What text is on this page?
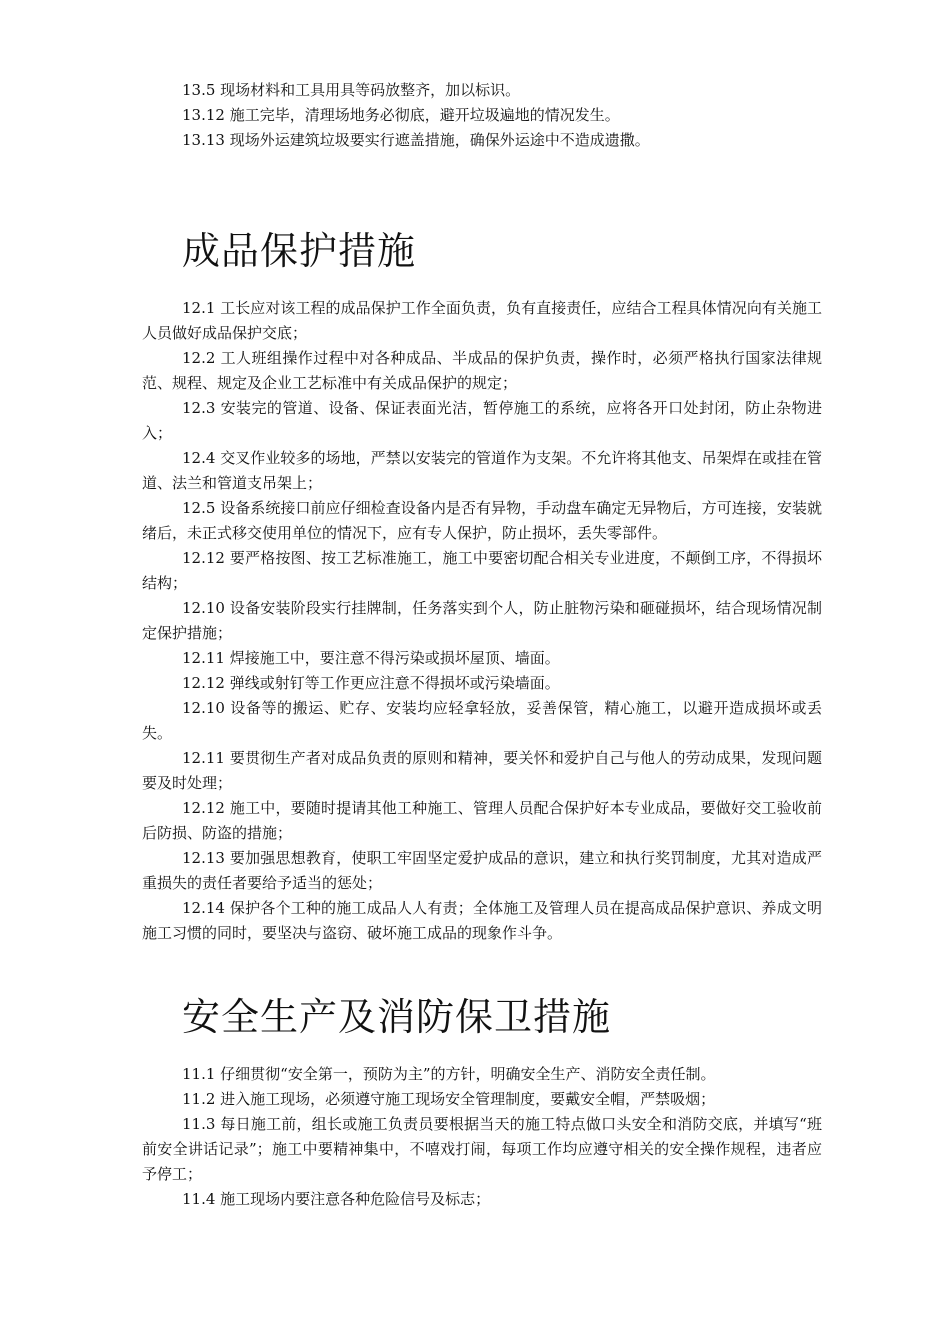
13.5 现场材料和工具用具等码放整齐，加以标识。

13.12 施工完毕，清理场地务必彻底，避开垃圾遍地的情况发生。

13.13 现场外运建筑垃圾要实行遮盖措施，确保外运途中不造成遗撒。

成品保护措施

12.1 工长应对该工程的成品保护工作全面负责，负有直接责任，应结合工程具体情况向有关施工人员做好成品保护交底；

12.2 工人班组操作过程中对各种成品、半成品的保护负责，操作时，必须严格执行国家法律规范、规程、规定及企业工艺标准中有关成品保护的规定；

12.3 安装完的管道、设备、保证表面光洁，暂停施工的系统，应将各开口处封闭，防止杂物进入；

12.4 交叉作业较多的场地，严禁以安装完的管道作为支架。不允许将其他支、吊架焊在或挂在管道、法兰和管道支吊架上；

12.5 设备系统接口前应仔细检查设备内是否有异物，手动盘车确定无异物后，方可连接，安装就绪后，未正式移交使用单位的情况下，应有专人保护，防止损坏，丢失零部件。

12.12 要严格按图、按工艺标准施工，施工中要密切配合相关专业进度，不颠倒工序，不得损坏结构；

12.10 设备安装阶段实行挂牌制，任务落实到个人，防止脏物污染和砸碰损坏，结合现场情况制定保护措施；

12.11 焊接施工中，要注意不得污染或损坏屋顶、墙面。

12.12 弹线或射钉等工作更应注意不得损坏或污染墙面。

12.10 设备等的搬运、贮存、安装均应轻拿轻放，妥善保管，精心施工，以避开造成损坏或丢失。

12.11 要贯彻生产者对成品负责的原则和精神，要关怀和爱护自己与他人的劳动成果，发现问题要及时处理；

12.12 施工中，要随时提请其他工种施工、管理人员配合保护好本专业成品，要做好交工验收前后防损、防盗的措施；

12.13 要加强思想教育，使职工牢固坚定爱护成品的意识，建立和执行奖罚制度，尤其对造成严重损失的责任者要给予适当的惩处；

12.14 保护各个工种的施工成品人人有责；全体施工及管理人员在提高成品保护意识、养成文明施工习惯的同时，要坚决与盗窃、破坏施工成品的现象作斗争。

安全生产及消防保卫措施

11.1 仔细贯彻“安全第一，预防为主”的方针，明确安全生产、消防安全责任制。

11.2 进入施工现场，必须遵守施工现场安全管理制度，要戴安全帽，严禁吸烟；

11.3 每日施工前，组长或施工负责员要根据当天的施工特点做口头安全和消防交底，并填写“班前安全讲话记录”；施工中要精神集中，不嘻戏打闹，每项工作均应遵守相关的安全操作规程，违者应予停工；

11.4 施工现场内要注意各种危险信号及标志；
